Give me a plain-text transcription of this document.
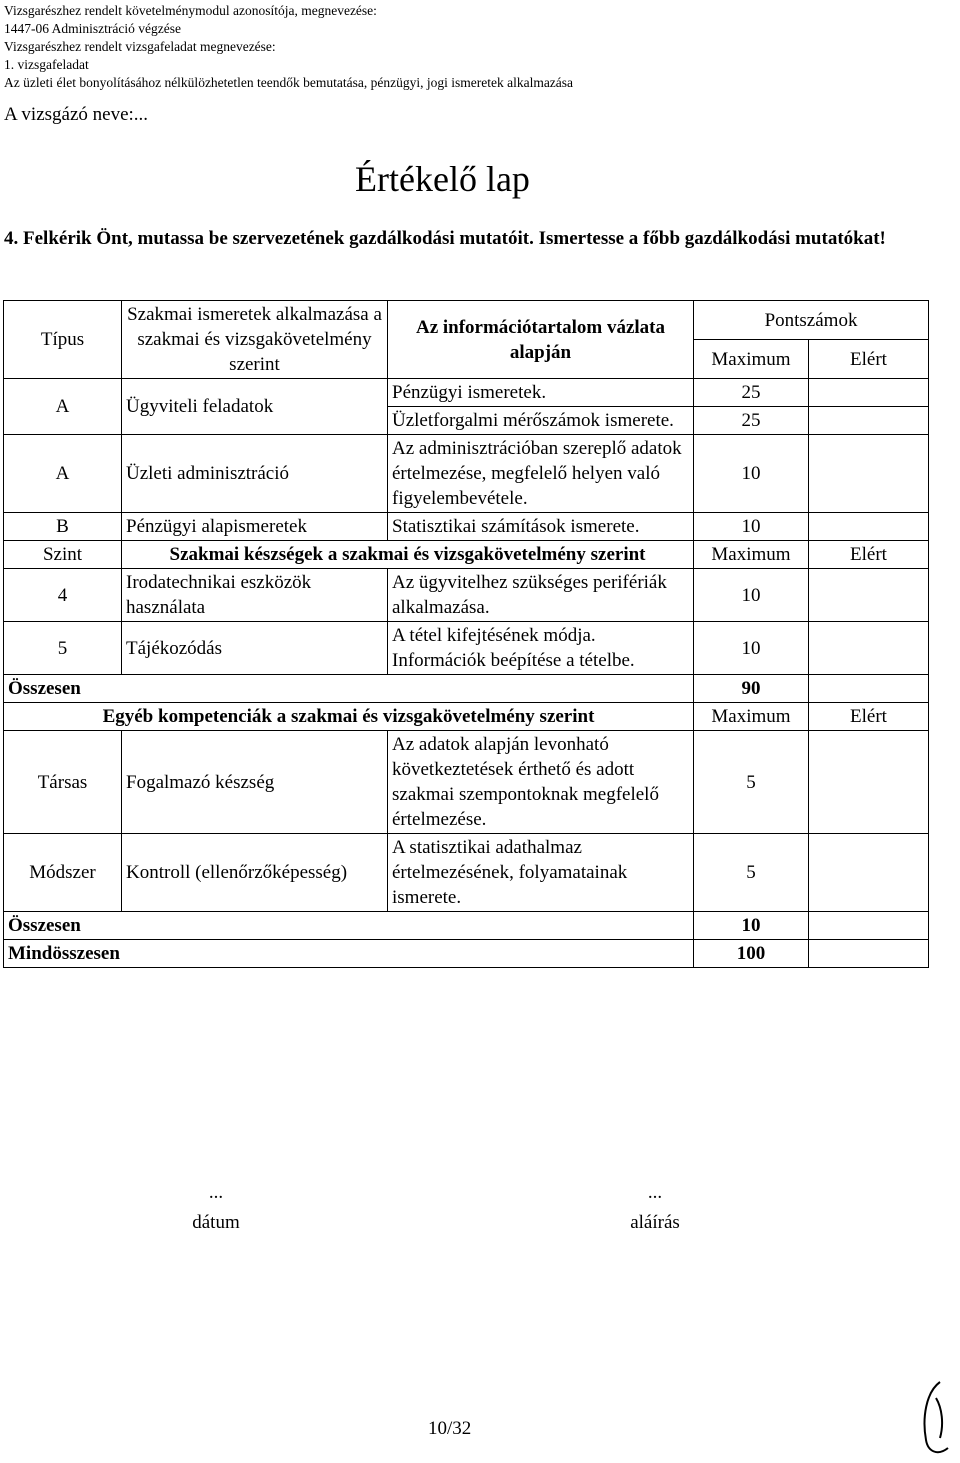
Vizsgarészhez rendelt követelménymodul azonosítója, megnevezése:
1447-06 Adminisztráció végzése
Vizsgarészhez rendelt vizsgafeladat megnevezése:
1. vizsgafeladat
Az üzleti élet bonyolításához nélkülözhetetlen teendők bemutatása, pénzügyi, jogi ismeretek alkalmazása
A vizsgázó neve:...
Értékelő lap
4. Felkérik Önt, mutassa be szervezetének gazdálkodási mutatóit. Ismertesse a főbb gazdálkodási mutatókat!
Típus	Szakmai ismeretek alkalmazása a szakmai és vizsgakövetelmény szerint	Az információtartalom vázlata alapján	Pontszámok	
			Maximum	Elért
A	Ügyviteli feladatok	Pénzügyi ismeretek.	25	
		Üzletforgalmi mérőszámok ismerete.	25	
A	Üzleti adminisztráció	Az adminisztrációban szereplő adatok értelmezése, megfelelő helyen való figyelembevétele.	10	
B	Pénzügyi alapismeretek	Statisztikai számítások ismerete.	10	
Szint	Szakmai készségek a szakmai és vizsgakövetelmény szerint		Maximum	Elért
4	Irodatechnikai eszközök használata	Az ügyvitelhez szükséges perifériák alkalmazása.	10	
5	Tájékozódás	A tétel kifejtésének módja. Információk beépítése a tételbe.	10	
Összesen			90	
Egyéb kompetenciák a szakmai és vizsgakövetelmény szerint			Maximum	Elért
Társas	Fogalmazó készség	Az adatok alapján levonható következtetések érthető és adott szakmai szempontoknak megfelelő értelmezése.	5	
Módszer	Kontroll (ellenőrzőképesség)	A statisztikai adathalmaz értelmezésének, folyamatainak ismerete.	5	
Összesen			10	
Mindösszesen			100	
...
dátum
...
aláírás
10/32
